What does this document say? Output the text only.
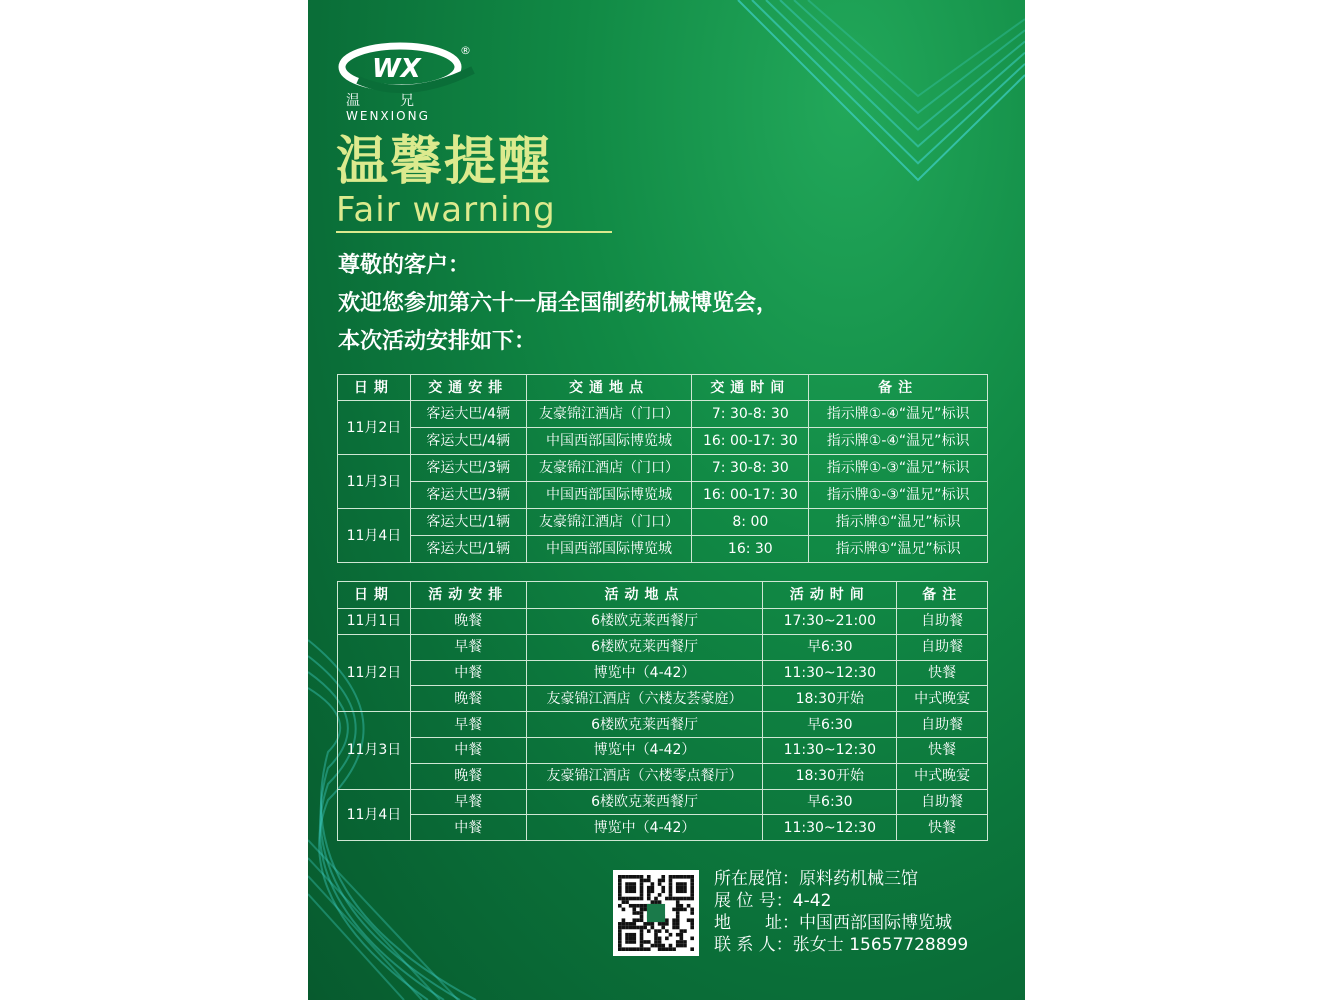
WX
®
温兄
WENXIONG
温馨提醒
Fair warning
尊敬的客户：
欢迎您参加第六十一届全国制药机械博览会，
本次活动安排如下：
日期	交通安排	交通地点	交通时间	备注
11月2日	客运大巴/4辆	友豪锦江酒店（门口）	7: 30-8: 30	指示牌①-④“温兄”标识
	客运大巴/4辆	中国西部国际博览城	16: 00-17: 30	指示牌①-④“温兄”标识
11月3日	客运大巴/3辆	友豪锦江酒店（门口）	7: 30-8: 30	指示牌①-③“温兄”标识
	客运大巴/3辆	中国西部国际博览城	16: 00-17: 30	指示牌①-③“温兄”标识
11月4日	客运大巴/1辆	友豪锦江酒店（门口）	8: 00	指示牌①“温兄”标识
	客运大巴/1辆	中国西部国际博览城	16: 30	指示牌①“温兄”标识
日期	活动安排	活动地点	活动时间	备注
11月1日	晚餐	6楼欧克莱西餐厅	17:30~21:00	自助餐
11月2日	早餐	6楼欧克莱西餐厅	早6:30	自助餐
	中餐	博览中（4-42）	11:30~12:30	快餐
	晚餐	友豪锦江酒店（六楼友荟豪庭）	18:30开始	中式晚宴
11月3日	早餐	6楼欧克莱西餐厅	早6:30	自助餐
	中餐	博览中（4-42）	11:30~12:30	快餐
	晚餐	友豪锦江酒店（六楼零点餐厅）	18:30开始	中式晚宴
11月4日	早餐	6楼欧克莱西餐厅	早6:30	自助餐
	中餐	博览中（4-42）	11:30~12:30	快餐
所在展馆：原料药机械三馆
展 位 号：4-42
地　　址：中国西部国际博览城
联 系 人：张女士 15657728899
